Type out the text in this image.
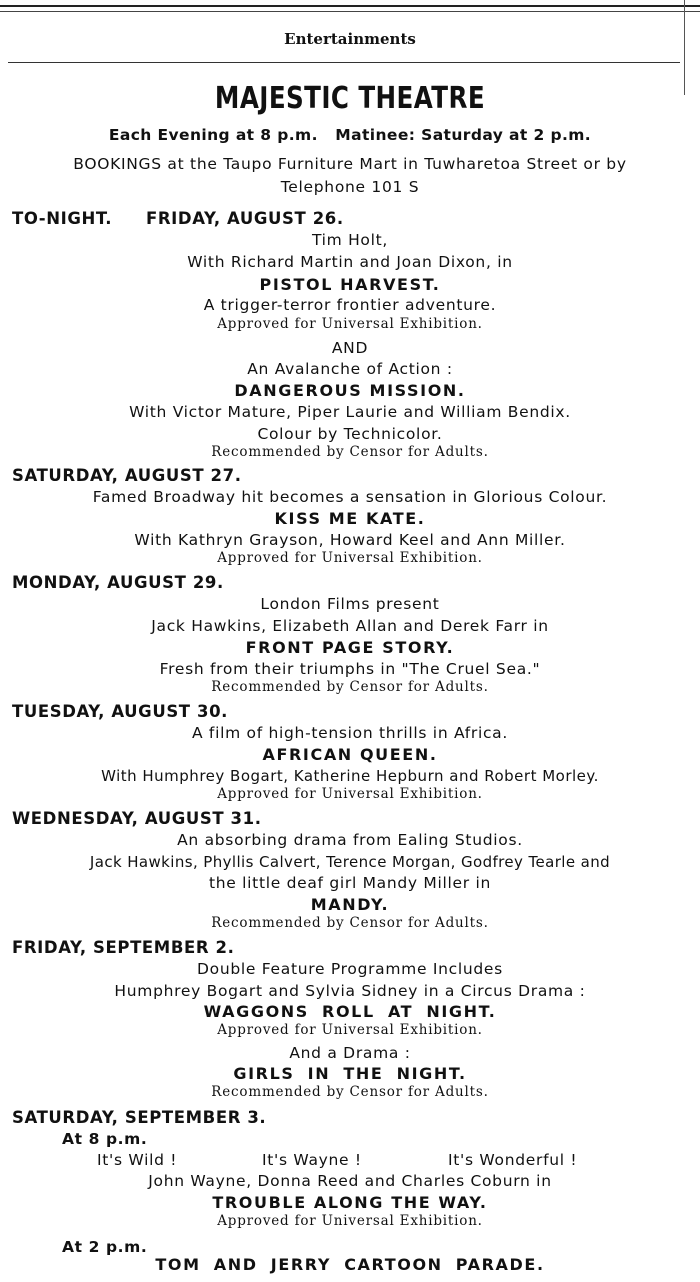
Entertainments
MAJESTIC THEATRE
Each Evening at 8 p.m.   Matinee: Saturday at 2 p.m.
BOOKINGS at the Taupo Furniture Mart in Tuwharetoa Street or by
Telephone 101 S
TO-NIGHT. FRIDAY, AUGUST 26.
Tim Holt,
With Richard Martin and Joan Dixon, in
PISTOL HARVEST.
A trigger-terror frontier adventure.
Approved for Universal Exhibition.
AND
An Avalanche of Action :
DANGEROUS MISSION.
With Victor Mature, Piper Laurie and William Bendix.
Colour by Technicolor.
Recommended by Censor for Adults.
SATURDAY, AUGUST 27.
Famed Broadway hit becomes a sensation in Glorious Colour.
KISS ME KATE.
With Kathryn Grayson, Howard Keel and Ann Miller.
Approved for Universal Exhibition.
MONDAY, AUGUST 29.
London Films present
Jack Hawkins, Elizabeth Allan and Derek Farr in
FRONT PAGE STORY.
Fresh from their triumphs in "The Cruel Sea."
Recommended by Censor for Adults.
TUESDAY, AUGUST 30.
A film of high-tension thrills in Africa.
AFRICAN QUEEN.
With Humphrey Bogart, Katherine Hepburn and Robert Morley.
Approved for Universal Exhibition.
WEDNESDAY, AUGUST 31.
An absorbing drama from Ealing Studios.
Jack Hawkins, Phyllis Calvert, Terence Morgan, Godfrey Tearle and
the little deaf girl Mandy Miller in
MANDY.
Recommended by Censor for Adults.
FRIDAY, SEPTEMBER 2.
Double Feature Programme Includes
Humphrey Bogart and Sylvia Sidney in a Circus Drama :
WAGGONS ROLL AT NIGHT.
Approved for Universal Exhibition.
And a Drama :
GIRLS IN THE NIGHT.
Recommended by Censor for Adults.
SATURDAY, SEPTEMBER 3.
At 8 p.m.
It's Wild !	It's Wayne !	It's Wonderful !
John Wayne, Donna Reed and Charles Coburn in
TROUBLE ALONG THE WAY.
Approved for Universal Exhibition.
At 2 p.m.
TOM AND JERRY CARTOON PARADE.
